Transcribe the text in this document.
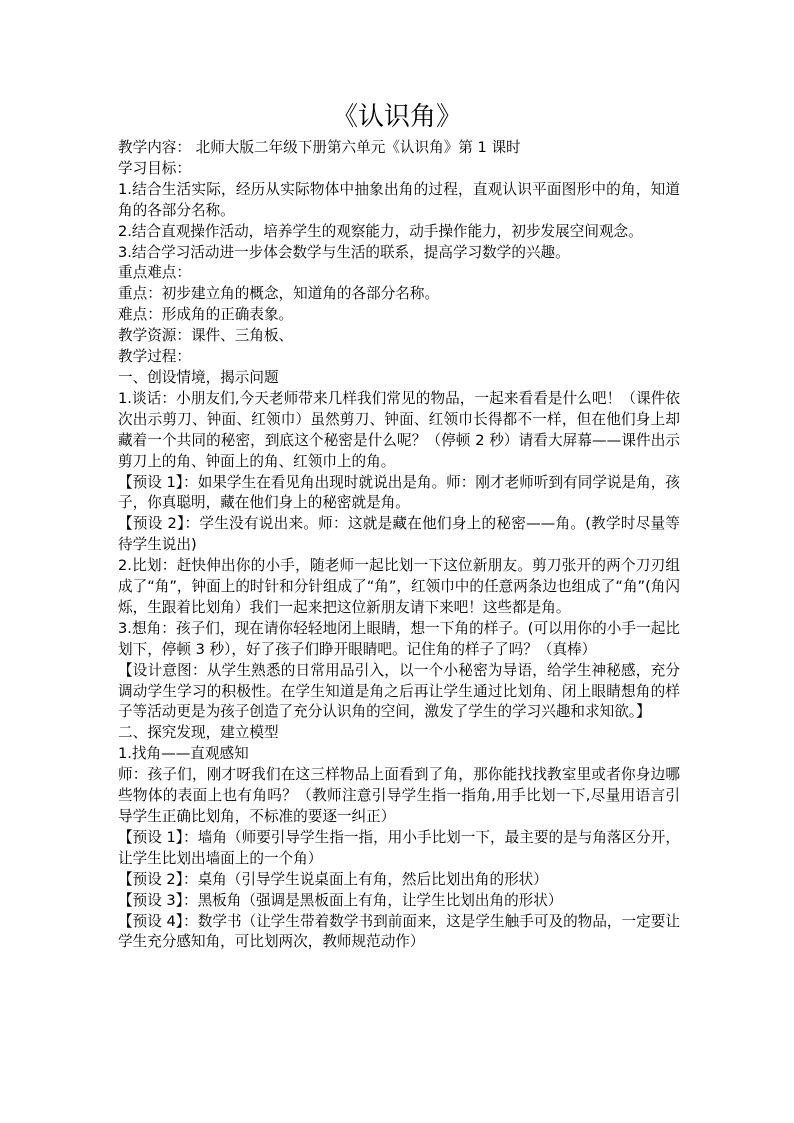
《认识角》

教学内容： 北师大版二年级下册第六单元《认识角》第 1 课时

学习目标：

1.结合生活实际，经历从实际物体中抽象出角的过程，直观认识平面图形中的角，知道角的各部分名称。

2.结合直观操作活动，培养学生的观察能力，动手操作能力，初步发展空间观念。

3.结合学习活动进一步体会数学与生活的联系，提高学习数学的兴趣。

重点难点：

重点：初步建立角的概念，知道角的各部分名称。

难点：形成角的正确表象。

教学资源：课件、三角板、

教学过程：

一、创设情境，揭示问题

1.谈话：小朋友们,今天老师带来几样我们常见的物品，一起来看看是什么吧！（课件依次出示剪刀、钟面、红领巾）虽然剪刀、钟面、红领巾长得都不一样，但在他们身上却藏着一个共同的秘密，到底这个秘密是什么呢？（停顿 2 秒）请看大屏幕——课件出示剪刀上的角、钟面上的角、红领巾上的角。

【预设 1】：如果学生在看见角出现时就说出是角。师：刚才老师听到有同学说是角，孩子，你真聪明，藏在他们身上的秘密就是角。

【预设 2】：学生没有说出来。师：这就是藏在他们身上的秘密——角。(教学时尽量等待学生说出)

2.比划：赶快伸出你的小手，随老师一起比划一下这位新朋友。剪刀张开的两个刀刃组成了“角”，钟面上的时针和分针组成了“角”，红领巾中的任意两条边也组成了“角”(角闪烁，生跟着比划角）我们一起来把这位新朋友请下来吧！这些都是角。

3.想角：孩子们，现在请你轻轻地闭上眼睛，想一下角的样子。(可以用你的小手一起比划下，停顿 3 秒），好了孩子们睁开眼睛吧。记住角的样子了吗？（真棒）

【设计意图：从学生熟悉的日常用品引入，以一个小秘密为导语，给学生神秘感，充分调动学生学习的积极性。在学生知道是角之后再让学生通过比划角、闭上眼睛想角的样子等活动更是为孩子创造了充分认识角的空间，激发了学生的学习兴趣和求知欲。】

二、探究发现，建立模型

1.找角——直观感知

师：孩子们，刚才呀我们在这三样物品上面看到了角，那你能找找教室里或者你身边哪些物体的表面上也有角吗？（教师注意引导学生指一指角,用手比划一下,尽量用语言引导学生正确比划角，不标准的要逐一纠正）

【预设 1】：墙角（师要引导学生指一指，用小手比划一下，最主要的是与角落区分开，让学生比划出墙面上的一个角）

【预设 2】：桌角（引导学生说桌面上有角，然后比划出角的形状）

【预设 3】：黑板角（强调是黑板面上有角，让学生比划出角的形状）

【预设 4】：数学书（让学生带着数学书到前面来，这是学生触手可及的物品，一定要让学生充分感知角，可比划两次，教师规范动作）
